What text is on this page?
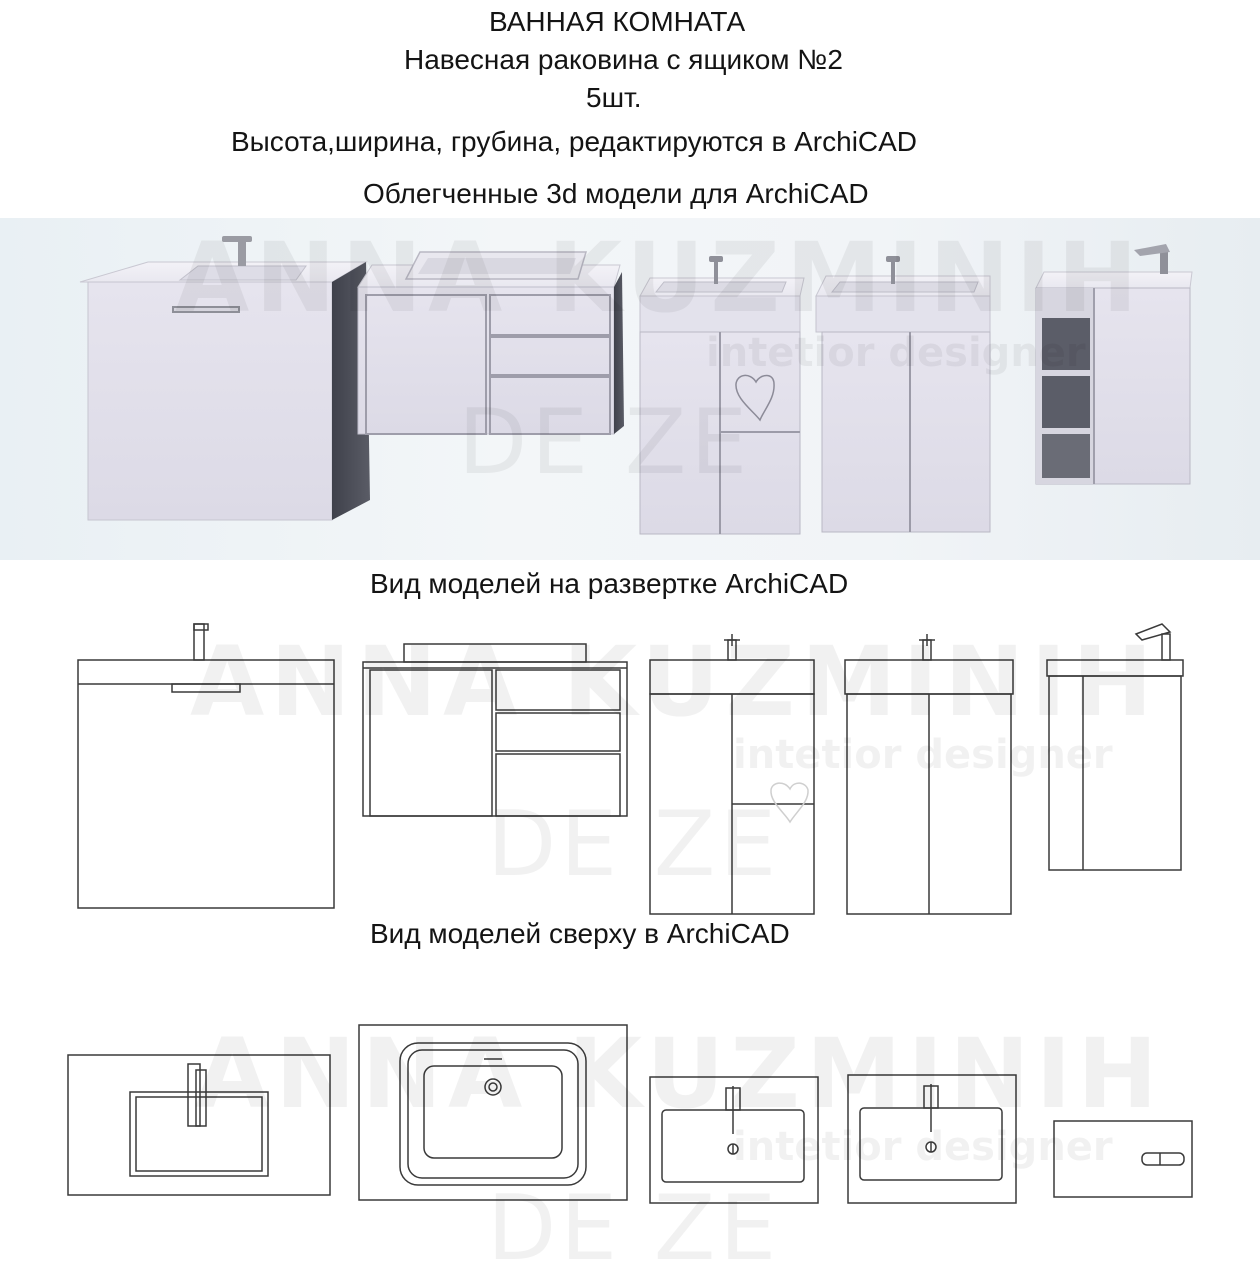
ВАННАЯ КОМНАТА
Навесная раковина с ящиком №2
5шт.
Высота,ширина, грубина, редактируются в ArchiCAD
Облегченные 3d модели для ArchiCAD
Вид моделей на развертке ArchiCAD
Вид моделей сверху в ArchiCAD
ANNA KUZMINIH
intetior designer
DE ZE
ANNA KUZMINIH
intetior designer
DE ZE
